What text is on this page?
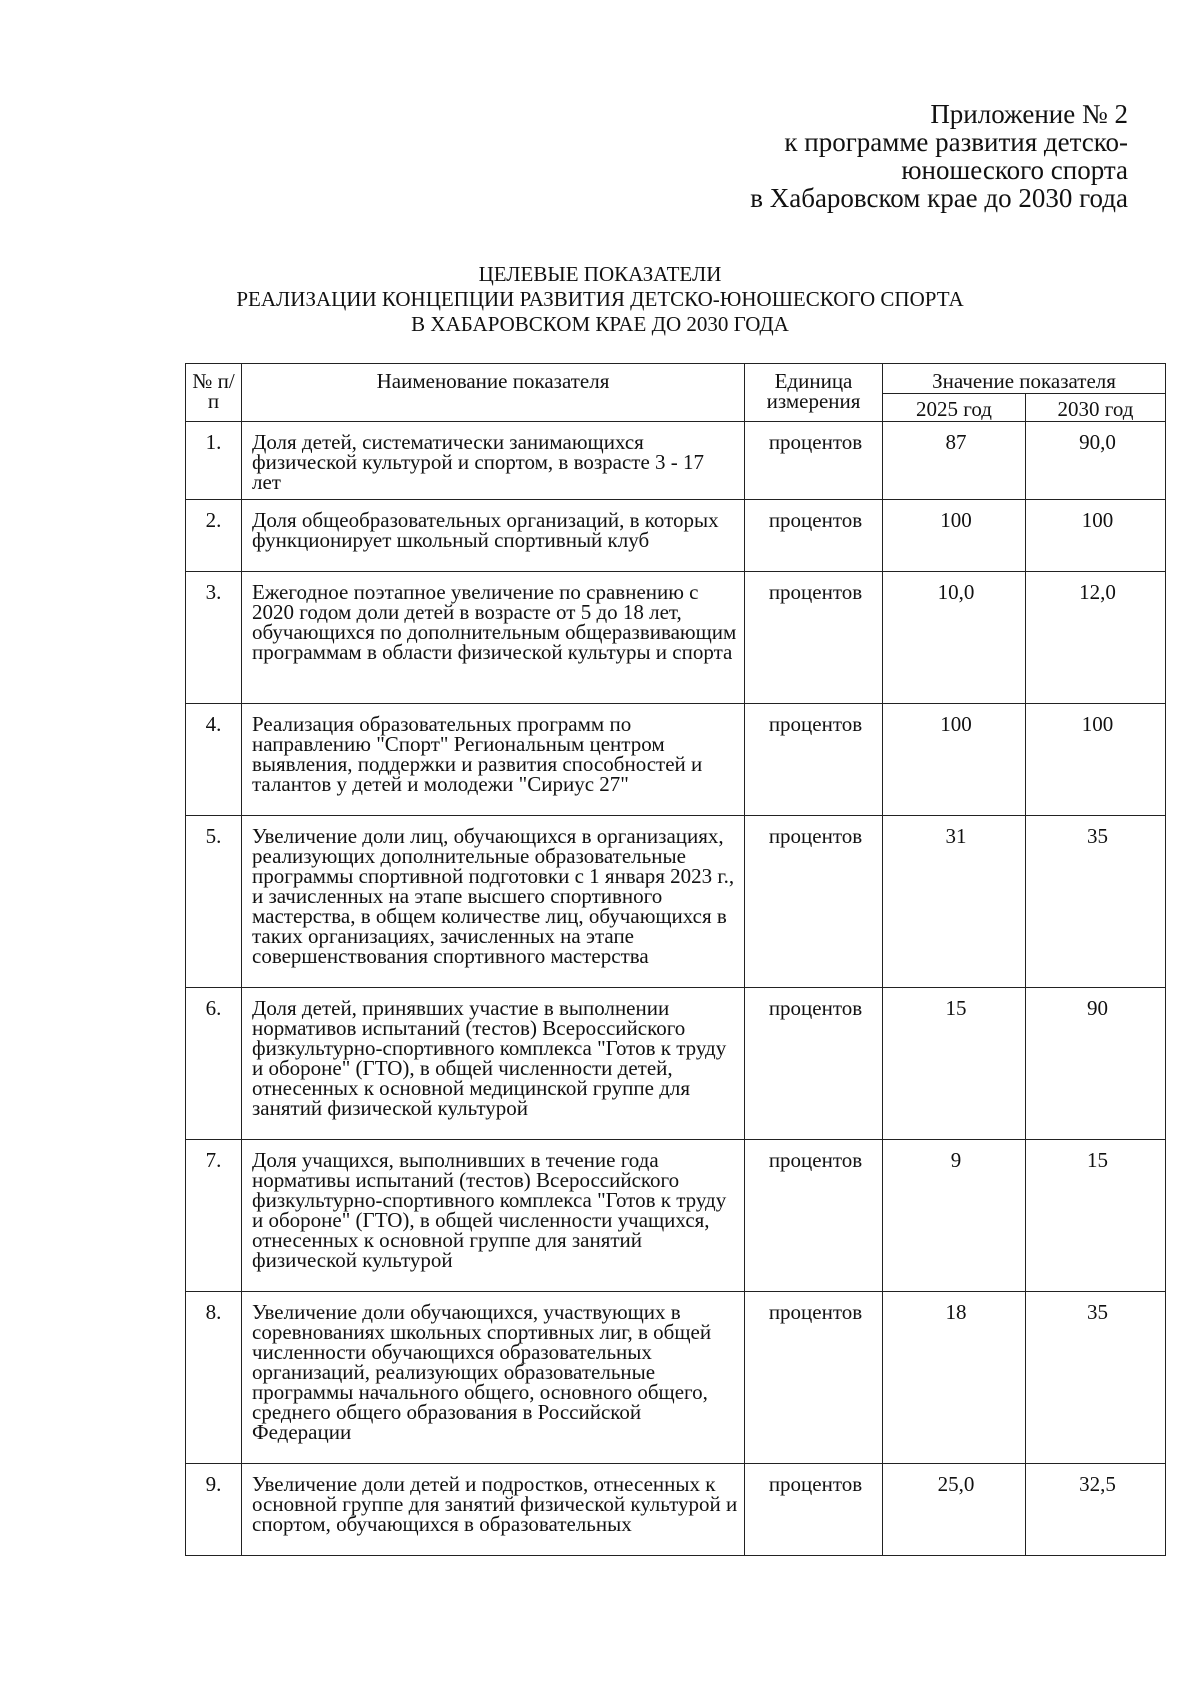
Приложение № 2
к программе развития детско-
юношеского спорта
в Хабаровском крае до 2030 года
ЦЕЛЕВЫЕ ПОКАЗАТЕЛИ
РЕАЛИЗАЦИИ КОНЦЕПЦИИ РАЗВИТИЯ ДЕТСКО-ЮНОШЕСКОГО СПОРТА
В ХАБАРОВСКОМ КРАЕ ДО 2030 ГОДА
№ п/п	Наименование показателя	Единица измерения	Значение показателя	
			2025 год	2030 год
1.	Доля детей, систематически занимающихся физической культурой и спортом, в возрасте 3 - 17 лет	процентов	87	90,0
2.	Доля общеобразовательных организаций, в которых функционирует школьный спортивный клуб	процентов	100	100
3.	Ежегодное поэтапное увеличение по сравнению с 2020 годом доли детей в возрасте от 5 до 18 лет, обучающихся по дополнительным общеразвивающим программам в области физической культуры и спорта	процентов	10,0	12,0
4.	Реализация образовательных программ по направлению "Спорт" Региональным центром выявления, поддержки и развития способностей и талантов у детей и молодежи "Сириус 27"	процентов	100	100
5.	Увеличение доли лиц, обучающихся в организациях, реализующих дополнительные образовательные программы спортивной подготовки с 1 января 2023 г., и зачисленных на этапе высшего спортивного мастерства, в общем количестве лиц, обучающихся в таких организациях, зачисленных на этапе совершенствования спортивного мастерства	процентов	31	35
6.	Доля детей, принявших участие в выполнении нормативов испытаний (тестов) Всероссийского физкультурно-спортивного комплекса "Готов к труду и обороне" (ГТО), в общей численности детей, отнесенных к основной медицинской группе для занятий физической культурой	процентов	15	90
7.	Доля учащихся, выполнивших в течение года нормативы испытаний (тестов) Всероссийского физкультурно-спортивного комплекса "Готов к труду и обороне" (ГТО), в общей численности учащихся, отнесенных к основной группе для занятий физической культурой	процентов	9	15
8.	Увеличение доли обучающихся, участвующих в соревнованиях школьных спортивных лиг, в общей численности обучающихся образовательных организаций, реализующих образовательные программы начального общего, основного общего, среднего общего образования в Российской Федерации	процентов	18	35
9.	Увеличение доли детей и подростков, отнесенных к основной группе для занятий физической культурой и спортом, обучающихся в образовательных	процентов	25,0	32,5
